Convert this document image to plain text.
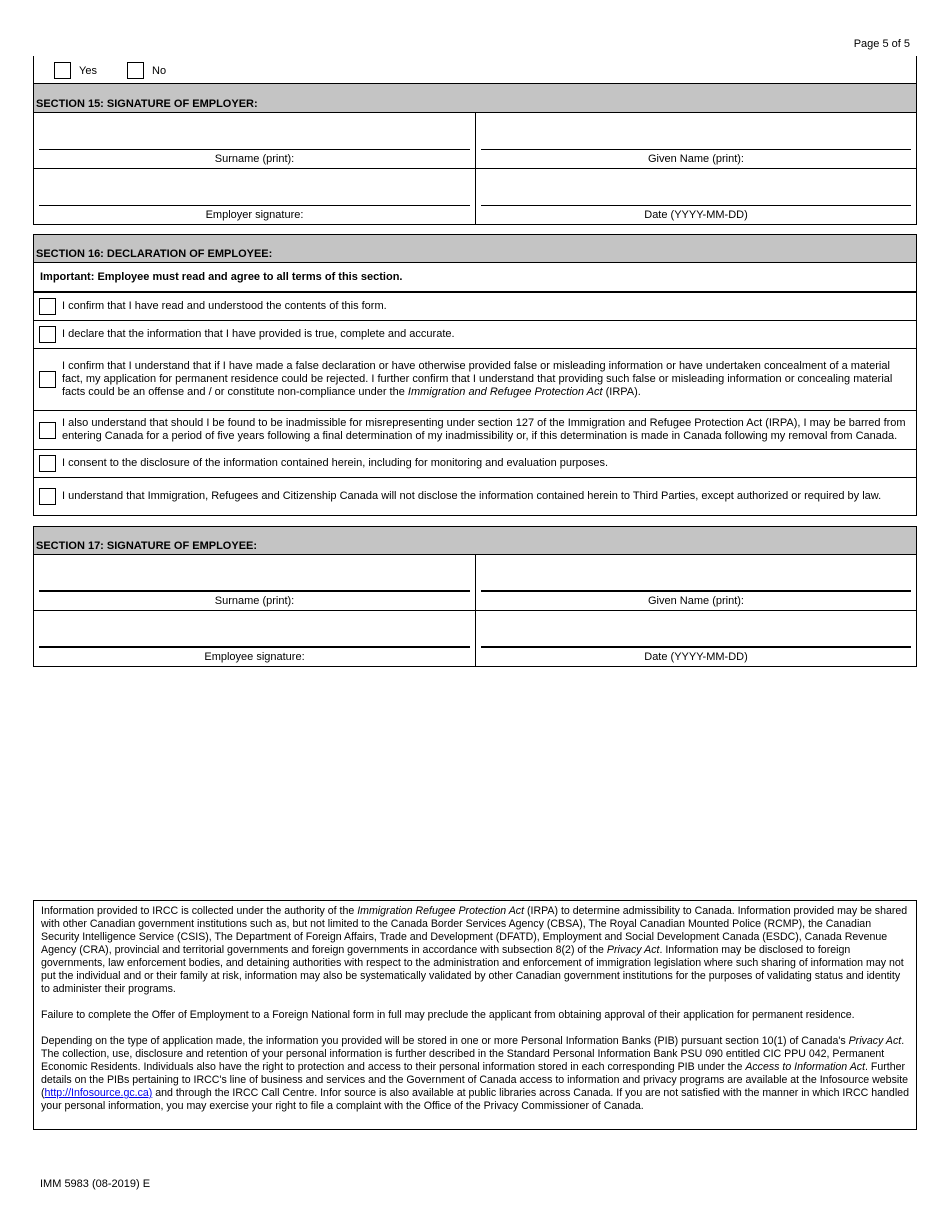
Page 5 of 5
Yes	No
SECTION 15: SIGNATURE OF EMPLOYER:
Surname (print):	Given Name (print):
Employer signature:	Date (YYYY-MM-DD)
SECTION 16: DECLARATION OF EMPLOYEE:
Important: Employee must read and agree to all terms of this section.
I confirm that I have read and understood the contents of this form.
I declare that the information that I have provided is true, complete and accurate.
I confirm that I understand that if I have made a false declaration or have otherwise provided false or misleading information or have undertaken concealment of a material fact, my application for permanent residence could be rejected. I further confirm that I understand that providing such false or misleading information or concealing material facts could be an offense and / or constitute non-compliance under the Immigration and Refugee Protection Act (IRPA).
I also understand that should I be found to be inadmissible for misrepresenting under section 127 of the Immigration and Refugee Protection Act (IRPA), I may be barred from entering Canada for a period of five years following a final determination of my inadmissibility or, if this determination is made in Canada following my removal from Canada.
I consent to the disclosure of the information contained herein, including for monitoring and evaluation purposes.
I understand that Immigration, Refugees and Citizenship Canada will not disclose the information contained herein to Third Parties, except authorized or required by law.
SECTION 17: SIGNATURE OF EMPLOYEE:
Surname (print):	Given Name (print):
Employee signature:	Date (YYYY-MM-DD)

Information provided to IRCC is collected under the authority of the Immigration Refugee Protection Act (IRPA) to determine admissibility to Canada. Information provided may be shared with other Canadian government institutions such as, but not limited to the Canada Border Services Agency (CBSA), The Royal Canadian Mounted Police (RCMP), the Canadian Security Intelligence Service (CSIS), The Department of Foreign Affairs, Trade and Development (DFATD), Employment and Social Development Canada (ESDC), Canada Revenue Agency (CRA), provincial and territorial governments and foreign governments in accordance with subsection 8(2) of the Privacy Act. Information may be disclosed to foreign governments, law enforcement bodies, and detaining authorities with respect to the administration and enforcement of immigration legislation where such sharing of information may not put the individual and or their family at risk, information may also be systematically validated by other Canadian government institutions for the purposes of validating status and identity to administer their programs.

Failure to complete the Offer of Employment to a Foreign National form in full may preclude the applicant from obtaining approval of their application for permanent residence.

Depending on the type of application made, the information you provided will be stored in one or more Personal Information Banks (PIB) pursuant section 10(1) of Canada's Privacy Act. The collection, use, disclosure and retention of your personal information is further described in the Standard Personal Information Bank PSU 090 entitled CIC PPU 042, Permanent Economic Residents. Individuals also have the right to protection and access to their personal information stored in each corresponding PIB under the Access to Information Act. Further details on the PIBs pertaining to IRCC's line of business and services and the Government of Canada access to information and privacy programs are available at the Infosource website (http://Infosource.gc.ca) and through the IRCC Call Centre. Infor source is also available at public libraries across Canada. If you are not satisfied with the manner in which IRCC handled your personal information, you may exercise your right to file a complaint with the Office of the Privacy Commissioner of Canada.

IMM 5983 (08-2019) E
